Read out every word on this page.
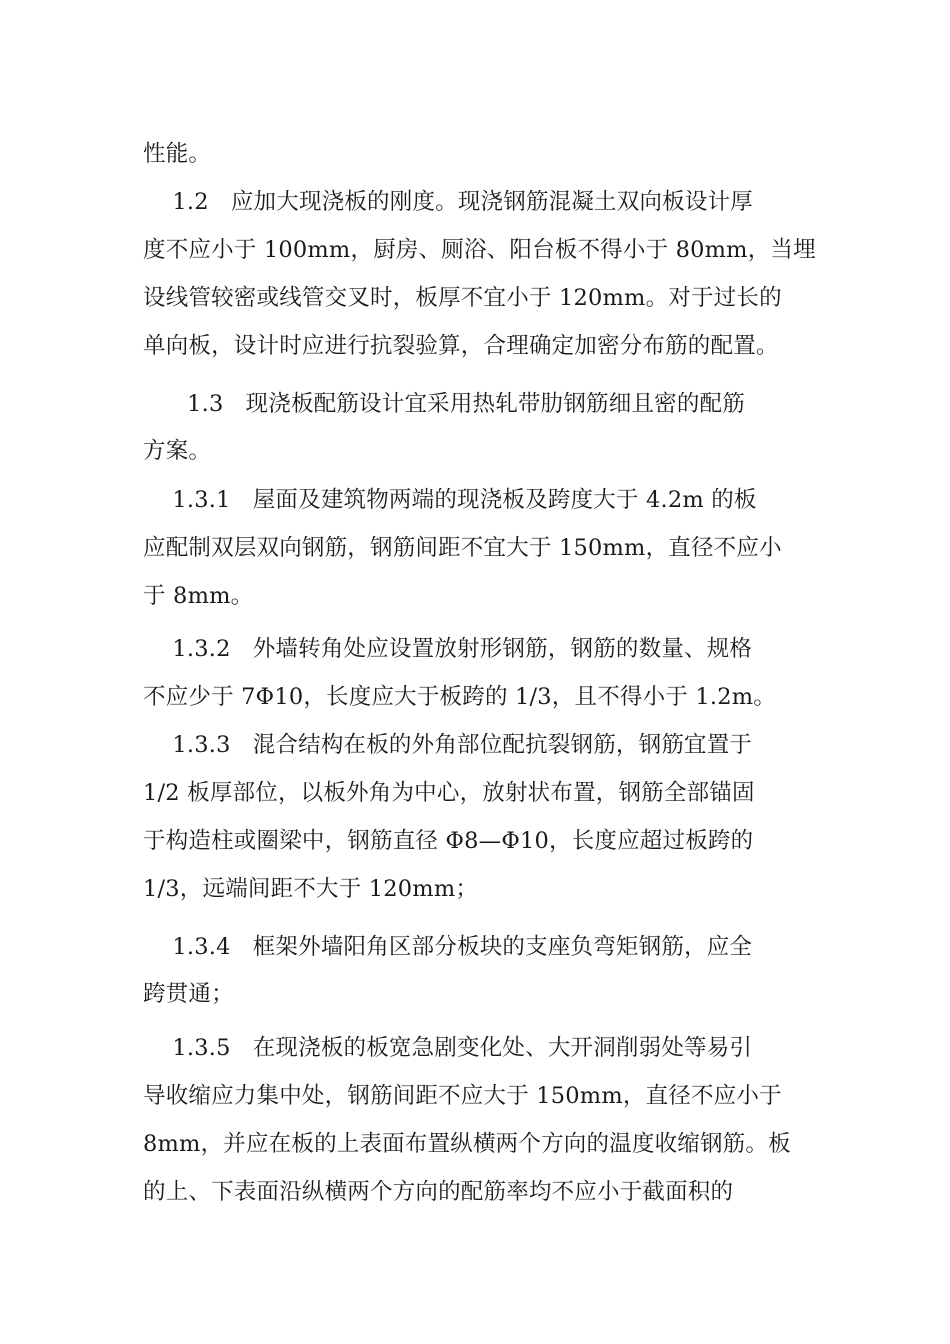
性能。
1.2   应加大现浇板的刚度。现浇钢筋混凝土双向板设计厚
度不应小于 100mm，厨房、厕浴、阳台板不得小于 80mm，当埋
设线管较密或线管交叉时，板厚不宜小于 120mm。对于过长的
单向板，设计时应进行抗裂验算，合理确定加密分布筋的配置。
1.3   现浇板配筋设计宜采用热轧带肋钢筋细且密的配筋
方案。
1.3.1   屋面及建筑物两端的现浇板及跨度大于 4.2m 的板
应配制双层双向钢筋，钢筋间距不宜大于 150mm，直径不应小
于 8mm。
1.3.2   外墙转角处应设置放射形钢筋，钢筋的数量、规格
不应少于 7Φ10，长度应大于板跨的 1/3，且不得小于 1.2m。
1.3.3   混合结构在板的外角部位配抗裂钢筋，钢筋宜置于
1/2 板厚部位，以板外角为中心，放射状布置，钢筋全部锚固
于构造柱或圈梁中，钢筋直径 Φ8—Φ10，长度应超过板跨的
1/3，远端间距不大于 120mm；
1.3.4   框架外墙阳角区部分板块的支座负弯矩钢筋，应全
跨贯通；
1.3.5   在现浇板的板宽急剧变化处、大开洞削弱处等易引
导收缩应力集中处，钢筋间距不应大于 150mm，直径不应小于
8mm，并应在板的上表面布置纵横两个方向的温度收缩钢筋。板
的上、下表面沿纵横两个方向的配筋率均不应小于截面积的
